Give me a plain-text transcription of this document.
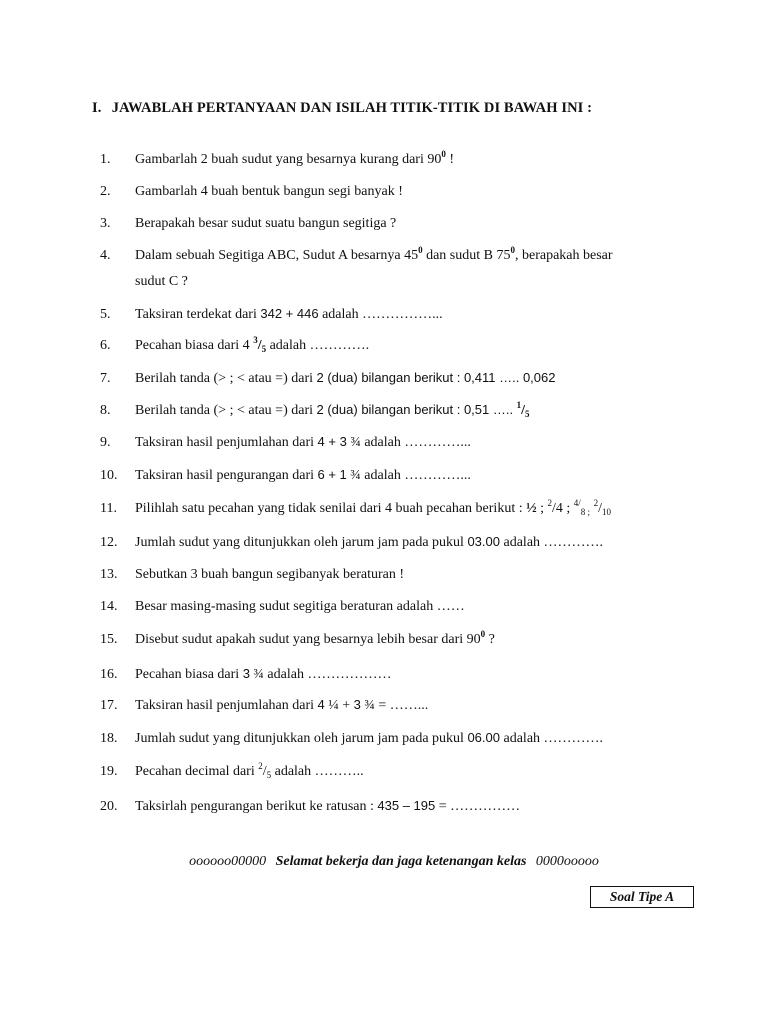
I. JAWABLAH PERTANYAAN DAN ISILAH TITIK-TITIK DI BAWAH INI :
1. Gambarlah 2 buah sudut yang besarnya kurang dari $90^0$ !
2. Gambarlah 4 buah bentuk bangun segi banyak !
3. Berapakah besar sudut suatu bangun segitiga ?
4. Dalam sebuah Segitiga ABC, Sudut A besarnya $45^0$ dan sudut B $75^0$, berapakah besar
sudut C ?
5. Taksiran terdekat dari 342 + 446 adalah ……………...
6. Pecahan biasa dari 4 $^3/_5$ adalah ………….
7. Berilah tanda (> ; < atau =) dari 2 (dua) bilangan berikut : 0,411 ….. 0,062
8. Berilah tanda (> ; < atau =) dari 2 (dua) bilangan berikut : 0,51 ….. $^1/_5$
9. Taksiran hasil penjumlahan dari 4 + 3 ¾ adalah …………...
10. Taksiran hasil pengurangan dari 6 + 1 ¾ adalah …………...
11. Pilihlah satu pecahan yang tidak senilai dari 4 buah pecahan berikut : ½ ; $^2$/4 ; $^{4/}_{8 ;}$ $^2/_{10}$
12. Jumlah sudut yang ditunjukkan oleh jarum jam pada pukul 03.00 adalah ………….
13. Sebutkan 3 buah bangun segibanyak beraturan !
14. Besar masing-masing sudut segitiga beraturan adalah ……
15. Disebut sudut apakah sudut yang besarnya lebih besar dari $90^0$ ?
16. Pecahan biasa dari 3 ¾ adalah ………………
17. Taksiran hasil penjumlahan dari 4 ¼ + 3 ¾ = ……...
18. Jumlah sudut yang ditunjukkan oleh jarum jam pada pukul 06.00 adalah ………….
19. Pecahan decimal dari $^2/_5$ adalah ………..
20. Taksirlah pengurangan berikut ke ratusan : 435 – 195 = ……………
oooooo00000 Selamat bekerja dan jaga ketenangan kelas 0000ooooo
Soal Tipe A
